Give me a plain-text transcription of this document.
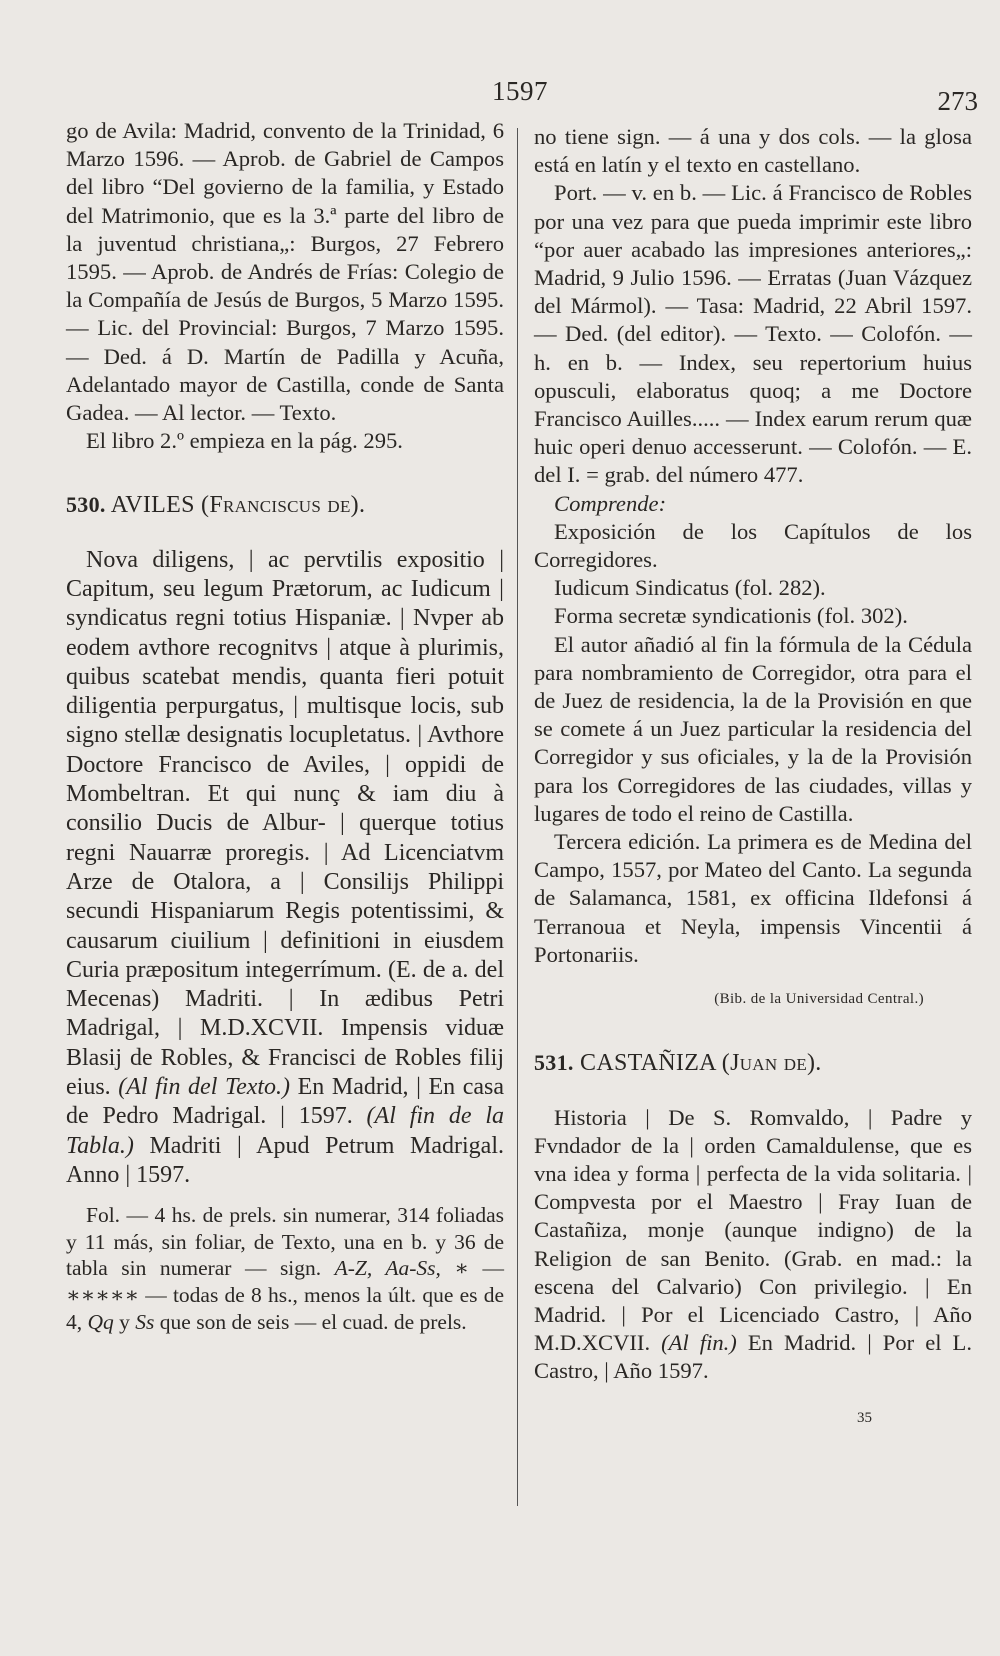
1597	273

go de Avila: Madrid, convento de la Trinidad, 6 Marzo 1596. — Aprob. de Gabriel de Campos del libro “Del govierno de la familia, y Estado del Matrimonio, que es la 3.ª parte del libro de la juventud christiana„: Burgos, 27 Febrero 1595. — Aprob. de Andrés de Frías: Colegio de la Compañía de Jesús de Burgos, 5 Marzo 1595. — Lic. del Provincial: Burgos, 7 Marzo 1595. — Ded. á D. Martín de Padilla y Acuña, Adelantado mayor de Castilla, conde de Santa Gadea. — Al lector. — Texto.

El libro 2.º empieza en la pág. 295.

530. AVILES (Franciscus de).

Nova diligens, | ac pervtilis expositio | Capitum, seu legum Prætorum, ac Iudicum | syndicatus regni totius Hispaniæ. | Nvper ab eodem avthore recognitvs | atque à plurimis, quibus scatebat mendis, quanta fieri potuit diligentia perpurgatus, | multisque locis, sub signo stellæ designatis locupletatus. | Avthore Doctore Francisco de Aviles, | oppidi de Mombeltran. Et qui nunç & iam diu à consilio Ducis de Albur- | querque totius regni Nauarræ proregis. | Ad Licenciatvm Arze de Otalora, a | Consilijs Philippi secundi Hispaniarum Regis potentissimi, & causarum ciuilium | definitioni in eiusdem Curia præpositum integerrímum. (E. de a. del Mecenas) Madriti. | In ædibus Petri Madrigal, | M.D.XCVII. Impensis viduæ Blasij de Robles, & Francisci de Robles filij eius. (Al fin del Texto.) En Madrid, | En casa de Pedro Madrigal. | 1597. (Al fin de la Tabla.) Madriti | Apud Petrum Madrigal. Anno | 1597.

Fol. — 4 hs. de prels. sin numerar, 314 foliadas y 11 más, sin foliar, de Texto, una en b. y 36 de tabla sin numerar — sign. A-Z, Aa-Ss, ∗ — ∗∗∗∗∗ — todas de 8 hs., menos la últ. que es de 4, Qq y Ss que son de seis — el cuad. de prels.

no tiene sign. — á una y dos cols. — la glosa está en latín y el texto en castellano.

Port. — v. en b. — Lic. á Francisco de Robles por una vez para que pueda imprimir este libro “por auer acabado las impresiones anteriores„: Madrid, 9 Julio 1596. — Erratas (Juan Vázquez del Mármol). — Tasa: Madrid, 22 Abril 1597. — Ded. (del editor). — Texto. — Colofón. — h. en b. — Index, seu repertorium huius opusculi, elaboratus quoq; a me Doctore Francisco Auilles..... — Index earum rerum quæ huic operi denuo accesserunt. — Colofón. — E. del I. = grab. del número 477.

Comprende:

Exposición de los Capítulos de los Corregidores.

Iudicum Sindicatus (fol. 282).

Forma secretæ syndicationis (fol. 302).

El autor añadió al fin la fórmula de la Cédula para nombramiento de Corregidor, otra para el de Juez de residencia, la de la Provisión en que se comete á un Juez particular la residencia del Corregidor y sus oficiales, y la de la Provisión para los Corregidores de las ciudades, villas y lugares de todo el reino de Castilla.

Tercera edición. La primera es de Medina del Campo, 1557, por Mateo del Canto. La segunda de Salamanca, 1581, ex officina Ildefonsi á Terranoua et Neyla, impensis Vincentii á Portonariis.

(Bib. de la Universidad Central.)

531. CASTAÑIZA (Juan de).

Historia | De S. Romvaldo, | Padre y Fvndador de la | orden Camaldulense, que es vna idea y forma | perfecta de la vida solitaria. | Compvesta por el Maestro | Fray Iuan de Castañiza, monje (aunque indigno) de la Religion de san Benito. (Grab. en mad.: la escena del Calvario) Con privilegio. | En Madrid. | Por el Licenciado Castro, | Año M.D.XCVII. (Al fin.) En Madrid. | Por el L. Castro, | Año 1597.

35
